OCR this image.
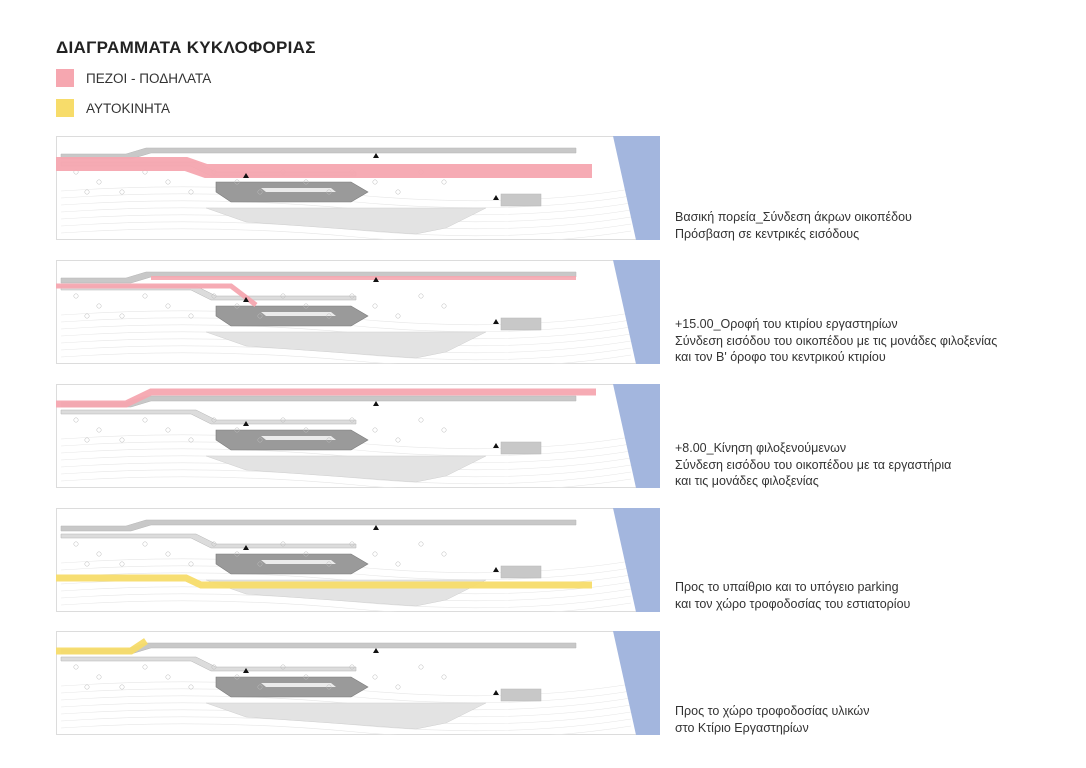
ΔΙΑΓΡΑΜΜΑΤΑ ΚΥΚΛΟΦΟΡΙΑΣ
ΠΕΖΟΙ - ΠΟΔΗΛΑΤΑ
ΑΥΤΟΚΙΝΗΤΑ
Βασική πορεία_Σύνδεση άκρων οικοπέδου
Πρόσβαση σε κεντρικές εισόδους
+15.00_Οροφή του κτιρίου εργαστηρίων
Σύνδεση εισόδου του οικοπέδου με τις μονάδες φιλοξενίας
και τον Β' όροφο του κεντρικού κτιρίου
+8.00_Κίνηση φιλοξενούμενων
Σύνδεση εισόδου του οικοπέδου με τα εργαστήρια
και τις μονάδες φιλοξενίας
Προς το υπαίθριο και το υπόγειο parking
και τον χώρο τροφοδοσίας του εστιατορίου
Προς το χώρο τροφοδοσίας υλικών
στο Κτίριο Εργαστηρίων
